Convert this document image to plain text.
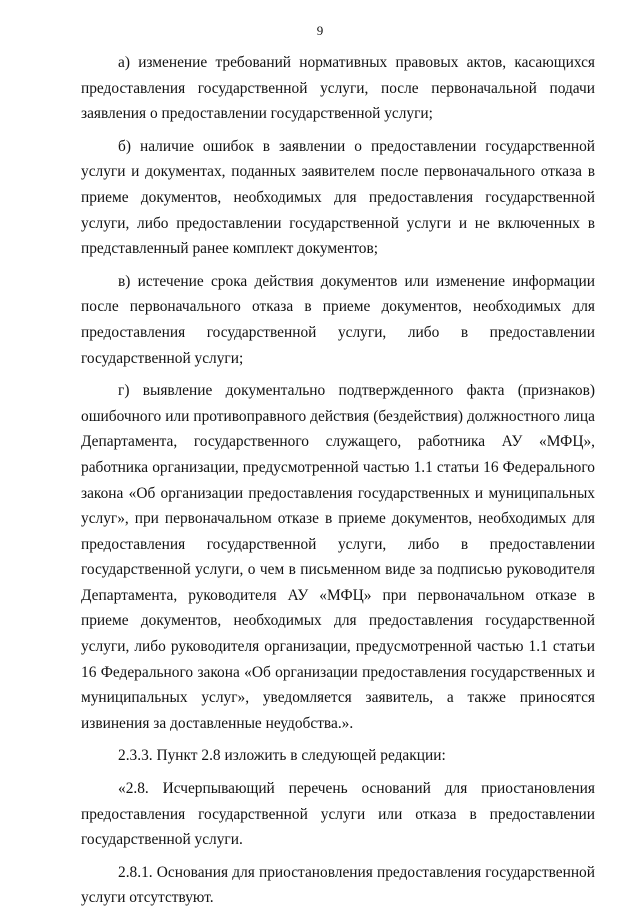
9

а) изменение требований нормативных правовых актов, касающихся предоставления государственной услуги, после первоначальной подачи заявления о предоставлении государственной услуги;

б) наличие ошибок в заявлении о предоставлении государственной услуги и документах, поданных заявителем после первоначального отказа в приеме документов, необходимых для предоставления государственной услуги, либо предоставлении государственной услуги и не включенных в представленный ранее комплект документов;

в) истечение срока действия документов или изменение информации после первоначального отказа в приеме документов, необходимых для предоставления государственной услуги, либо в предоставлении государственной услуги;

г) выявление документально подтвержденного факта (признаков) ошибочного или противоправного действия (бездействия) должностного лица Департамента, государственного служащего, работника АУ «МФЦ», работника организации, предусмотренной частью 1.1 статьи 16 Федерального закона «Об организации предоставления государственных и муниципальных услуг», при первоначальном отказе в приеме документов, необходимых для предоставления государственной услуги, либо в предоставлении государственной услуги, о чем в письменном виде за подписью руководителя Департамента, руководителя АУ «МФЦ» при первоначальном отказе в приеме документов, необходимых для предоставления государственной услуги, либо руководителя организации, предусмотренной частью 1.1 статьи 16 Федерального закона «Об организации предоставления государственных и муниципальных услуг», уведомляется заявитель, а также приносятся извинения за доставленные неудобства.».

2.3.3. Пункт 2.8 изложить в следующей редакции:

«2.8. Исчерпывающий перечень оснований для приостановления предоставления государственной услуги или отказа в предоставлении государственной услуги.

2.8.1. Основания для приостановления предоставления государственной услуги отсутствуют.
